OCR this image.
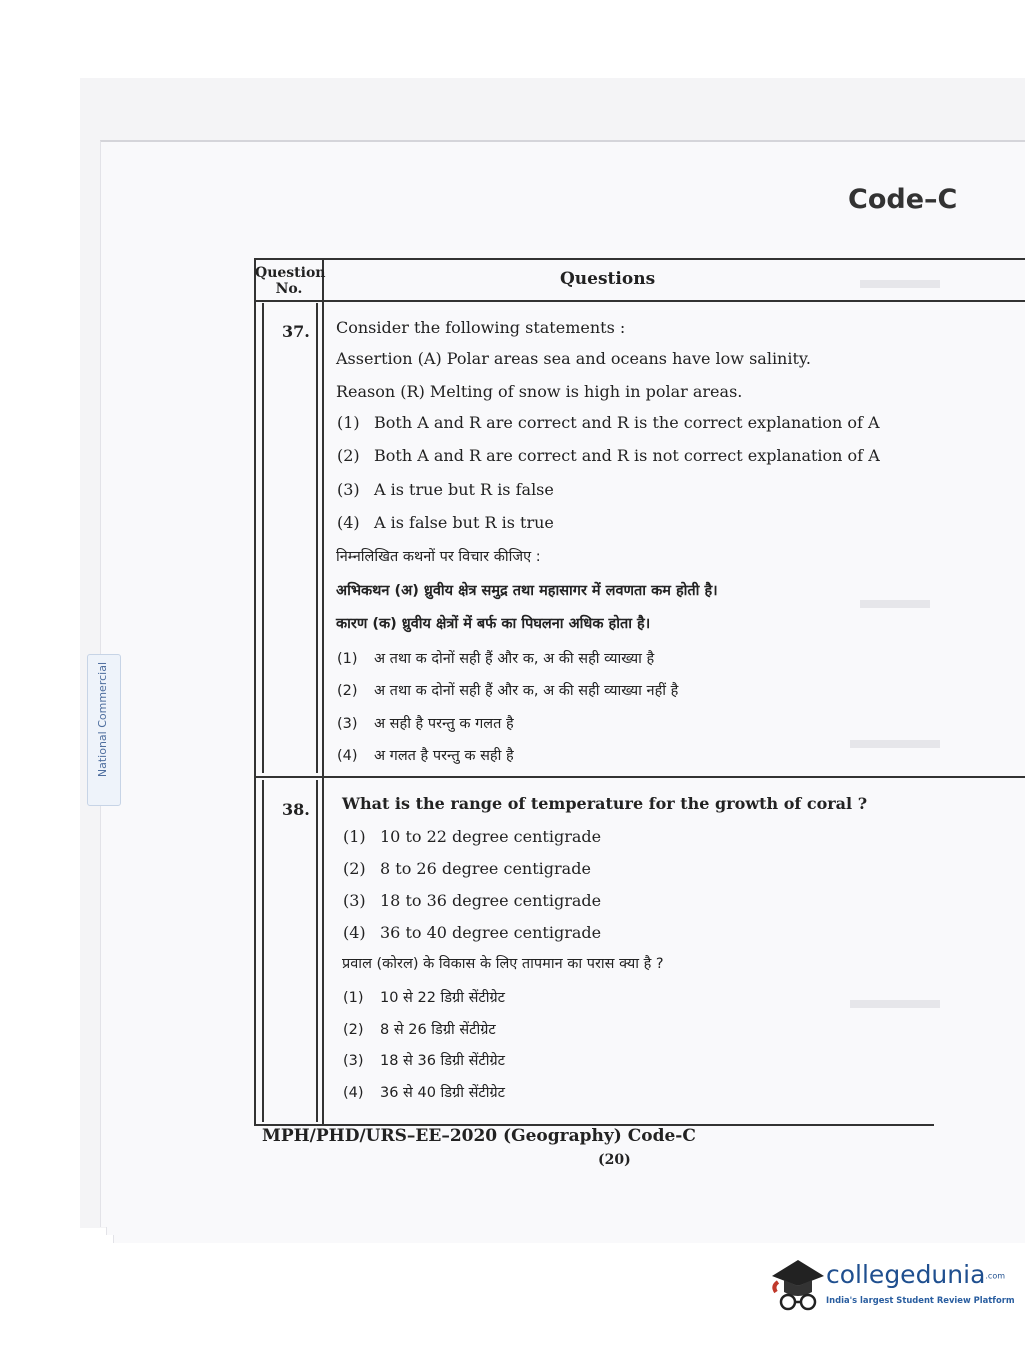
Code–C
Question
No.	Questions
37. Consider the following statements :
Assertion (A) Polar areas sea and oceans have low salinity.
Reason (R) Melting of snow is high in polar areas.
(1) Both A and R are correct and R is the correct explanation of A
(2) Both A and R are correct and R is not correct explanation of A
(3) A is true but R is false
(4) A is false but R is true
निम्नलिखित कथनों पर विचार कीजिए :
अभिकथन (अ) ध्रुवीय क्षेत्र समुद्र तथा महासागर में लवणता कम होती है।
कारण (क) ध्रुवीय क्षेत्रों में बर्फ का पिघलना अधिक होता है।
(1) अ तथा क दोनों सही हैं और क, अ की सही व्याख्या है
(2) अ तथा क दोनों सही हैं और क, अ की सही व्याख्या नहीं है
(3) अ सही है परन्तु क गलत है
(4) अ गलत है परन्तु क सही है
38. What is the range of temperature for the growth of coral ?
(1) 10 to 22 degree centigrade
(2) 8 to 26 degree centigrade
(3) 18 to 36 degree centigrade
(4) 36 to 40 degree centigrade
प्रवाल (कोरल) के विकास के लिए तापमान का परास क्या है ?
(1) 10 से 22 डिग्री सेंटीग्रेट
(2) 8 से 26 डिग्री सेंटीग्रेट
(3) 18 से 36 डिग्री सेंटीग्रेट
(4) 36 से 40 डिग्री सेंटीग्रेट
MPH/PHD/URS–EE–2020 (Geography) Code-C
(20)
National Commercial
collegedunia.com
India's largest Student Review Platform
